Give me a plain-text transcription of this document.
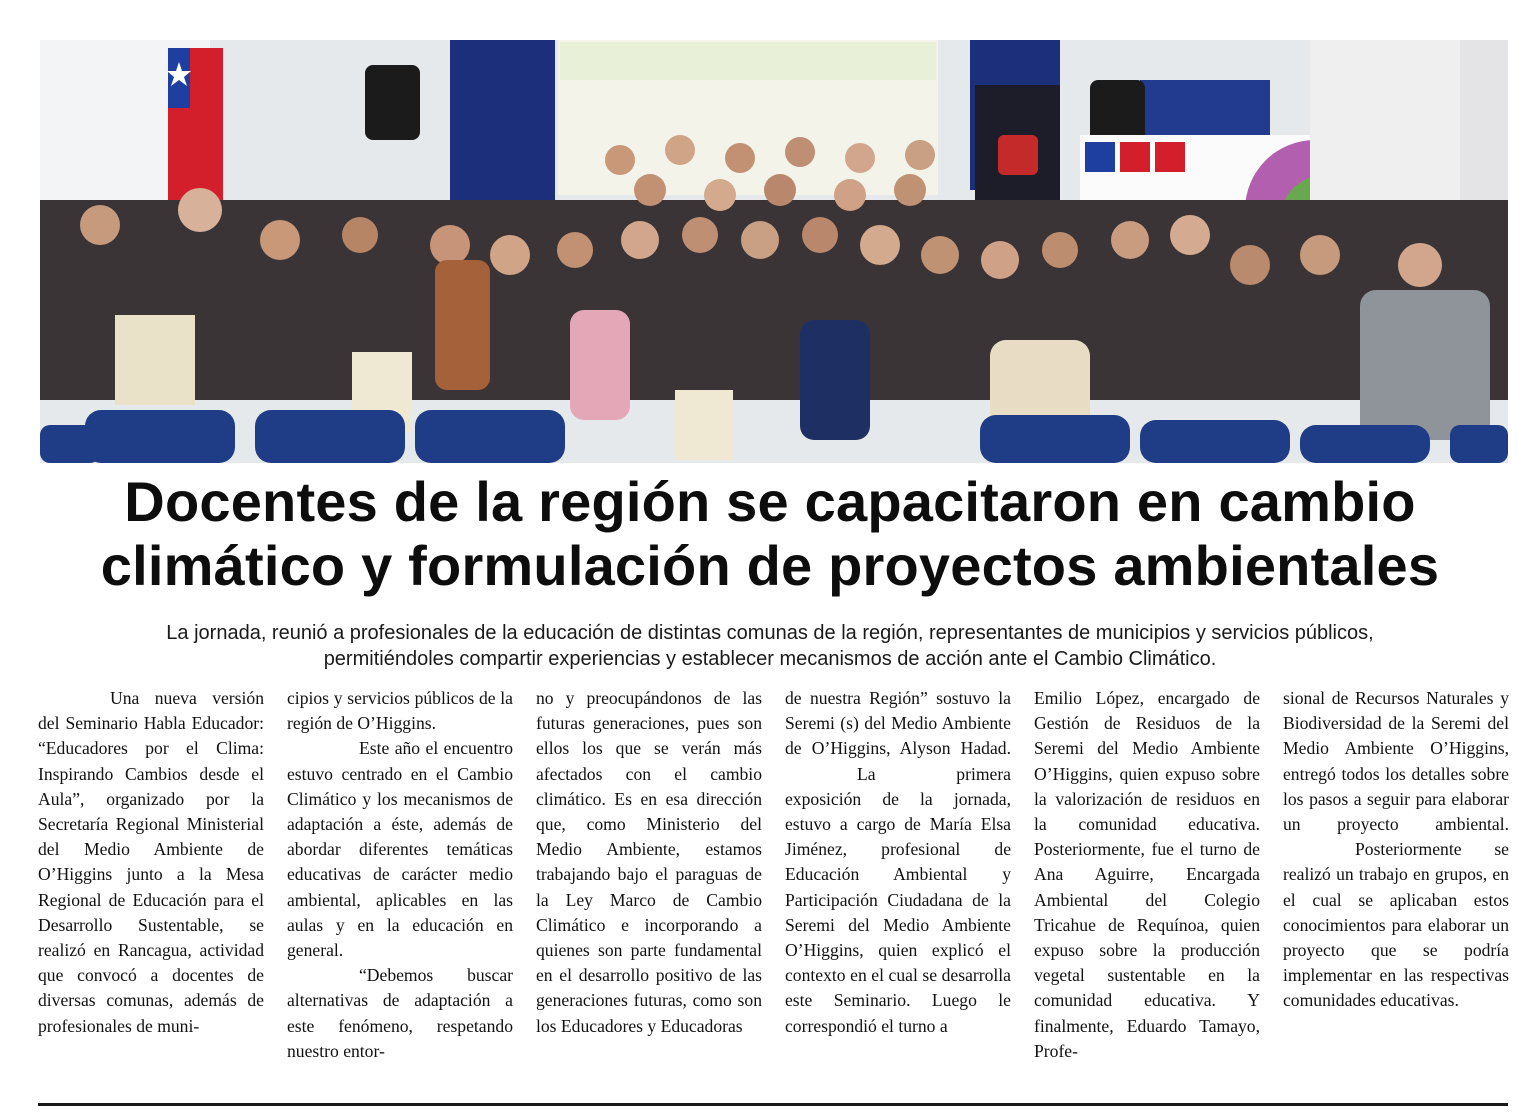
Docentes de la región se capacitaron en cambio
climático y formulación de proyectos ambientales
La jornada, reunió a profesionales de la educación de distintas comunas de la región, representantes de municipios y servicios públicos,
permitiéndoles compartir experiencias y establecer mecanismos de acción ante el Cambio Climático.

Una nueva versión del Seminario Habla Educador: “Educadores por el Clima: Inspirando Cambios desde el Aula”, organizado por la Secretaría Regional Ministerial del Medio Ambiente de O’Higgins junto a la Mesa Regional de Educación para el Desarrollo Sustentable, se realizó en Rancagua, actividad que convocó a docentes de diversas comunas, además de profesionales de muni-

cipios y servicios públicos de la región de O’Higgins.

Este año el encuentro estuvo centrado en el Cambio Climático y los mecanismos de adaptación a éste, además de abordar diferentes temáticas educativas de carácter medio ambiental, aplicables en las aulas y en la educación en general.

“Debemos buscar alternativas de adaptación a este fenómeno, respetando nuestro entor-

no y preocupándonos de las futuras generaciones, pues son ellos los que se verán más afectados con el cambio climático. Es en esa dirección que, como Ministerio del Medio Ambiente, estamos trabajando bajo el paraguas de la Ley Marco de Cambio Climático e incorporando a quienes son parte fundamental en el desarrollo positivo de las generaciones futuras, como son los Educadores y Educadoras

de nuestra Región” sostuvo la Seremi (s) del Medio Ambiente de O’Higgins, Alyson Hadad.

La primera exposición de la jornada, estuvo a cargo de María Elsa Jiménez, profesional de Educación Ambiental y Participación Ciudadana de la Seremi del Medio Ambiente O’Higgins, quien explicó el contexto en el cual se desarrolla este Seminario. Luego le correspondió el turno a

Emilio López, encargado de Gestión de Residuos de la Seremi del Medio Ambiente O’Higgins, quien expuso sobre la valorización de residuos en la comunidad educativa. Posteriormente, fue el turno de Ana Aguirre, Encargada Ambiental del Colegio Tricahue de Requínoa, quien expuso sobre la producción vegetal sustentable en la comunidad educativa. Y finalmente, Eduardo Tamayo, Profe-

sional de Recursos Naturales y Biodiversidad de la Seremi del Medio Ambiente O’Higgins, entregó todos los detalles sobre los pasos a seguir para elaborar un proyecto ambiental.

Posteriormente se realizó un trabajo en grupos, en el cual se aplicaban estos conocimientos para elaborar un proyecto que se podría implementar en las respectivas comunidades educativas.
